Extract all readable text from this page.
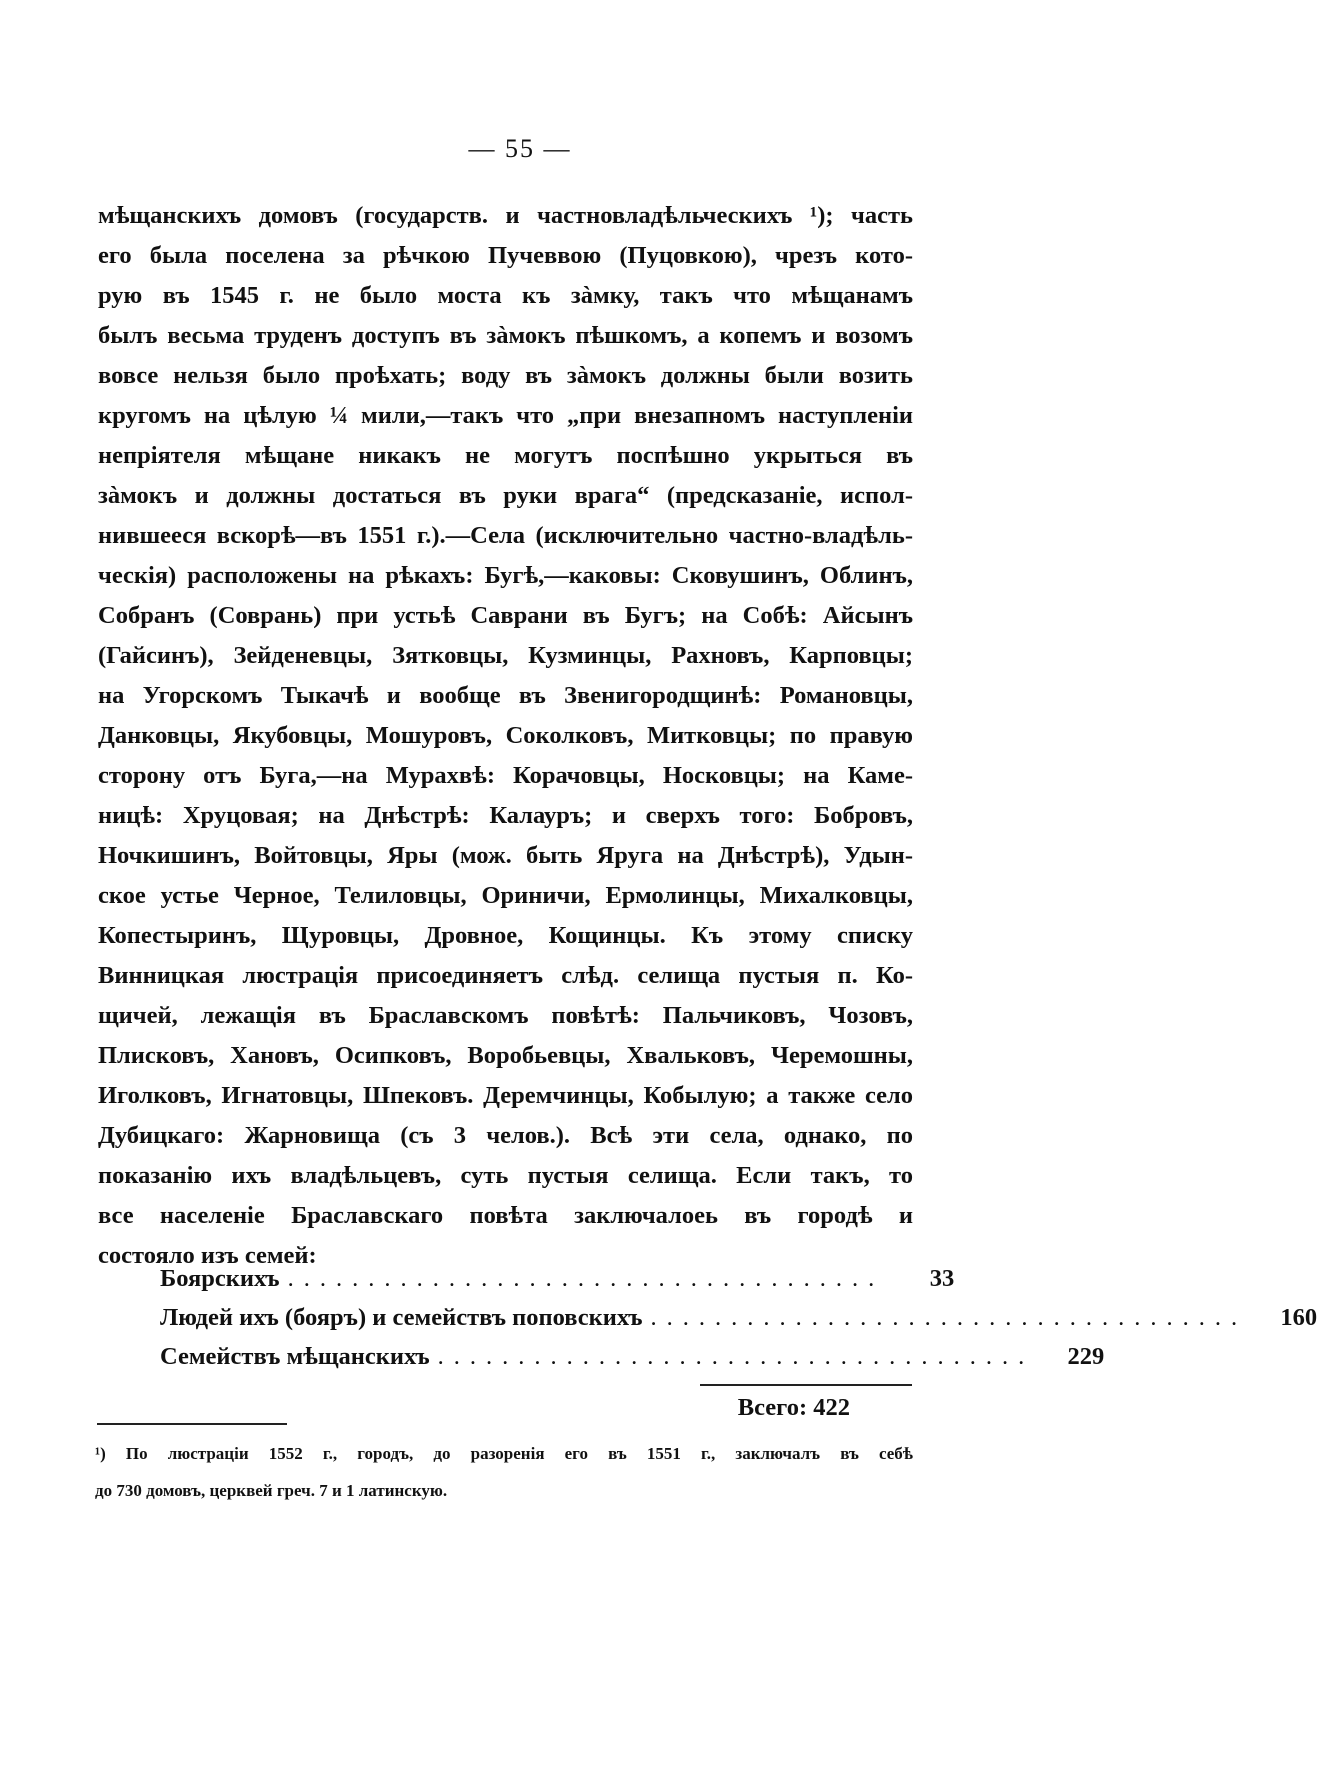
— 55 —
мѣщанскихъ домовъ (государств. и частновладѣльческихъ ¹); часть
его была поселена за рѣчкою Пучеввою (Пуцовкою), чрезъ кото-
рую въ 1545 г. не было моста къ зàмку, такъ что мѣщанамъ
былъ весьма труденъ доступъ въ зàмокъ пѣшкомъ, а копемъ и возомъ
вовсе нельзя было проѣхать; воду въ зàмокъ должны были возить
кругомъ на цѣлую ¼ мили,—такъ что „при внезапномъ наступленіи
непріятеля мѣщане никакъ не могутъ поспѣшно укрыться въ
зàмокъ и должны достаться въ руки врага“ (предсказаніе, испол-
нившееся вскорѣ—въ 1551 г.).—Села (исключительно частно-владѣль-
ческія) расположены на рѣкахъ: Бугѣ,—каковы: Сковушинъ, Облинъ,
Собранъ (Соврань) при устьѣ Саврани въ Бугъ; на Собѣ: Айсынъ
(Гайсинъ), Зейденевцы, Зятковцы, Кузминцы, Рахновъ, Карповцы;
на Угорскомъ Тыкачѣ и вообще въ Звенигородщинѣ: Романовцы,
Данковцы, Якубовцы, Мошуровъ, Соколковъ, Митковцы; по правую
сторону отъ Буга,—на Мурахвѣ: Корачовцы, Носковцы; на Каме-
ницѣ: Хруцовая; на Днѣстрѣ: Калауръ; и сверхъ того: Бобровъ,
Ночкишинъ, Войтовцы, Яры (мож. быть Яруга на Днѣстрѣ), Удын-
ское устье Черное, Телиловцы, Ориничи, Ермолинцы, Михалковцы,
Копестыринъ, Щуровцы, Дровное, Кощинцы. Къ этому списку
Винницкая люстрація присоединяетъ слѣд. селища пустыя п. Ко-
щичей, лежащія въ Браславскомъ повѣтѣ: Пальчиковъ, Чозовъ,
Плисковъ, Хановъ, Осипковъ, Воробьевцы, Хвальковъ, Черемошны,
Иголковъ, Игнатовцы, Шпековъ. Деремчинцы, Кобылую; а также село
Дубицкаго: Жарновища (съ 3 челов.). Всѣ эти села, однако, по
показанію ихъ владѣльцевъ, суть пустыя селища. Если такъ, то
все населеніе Браславскаго повѣта заключалоеь въ городѣ и
состояло изъ семей:
Боярскихъ .....................................	33
Людей ихъ (бояръ) и семействъ поповскихъ .....................................	160
Семействъ мѣщанскихъ .....................................	229
Всего: 422
¹) По люстраціи 1552 г., городъ, до разоренія его въ 1551 г., заключалъ въ себѣ
до 730 домовъ, церквей греч. 7 и 1 латинскую.
